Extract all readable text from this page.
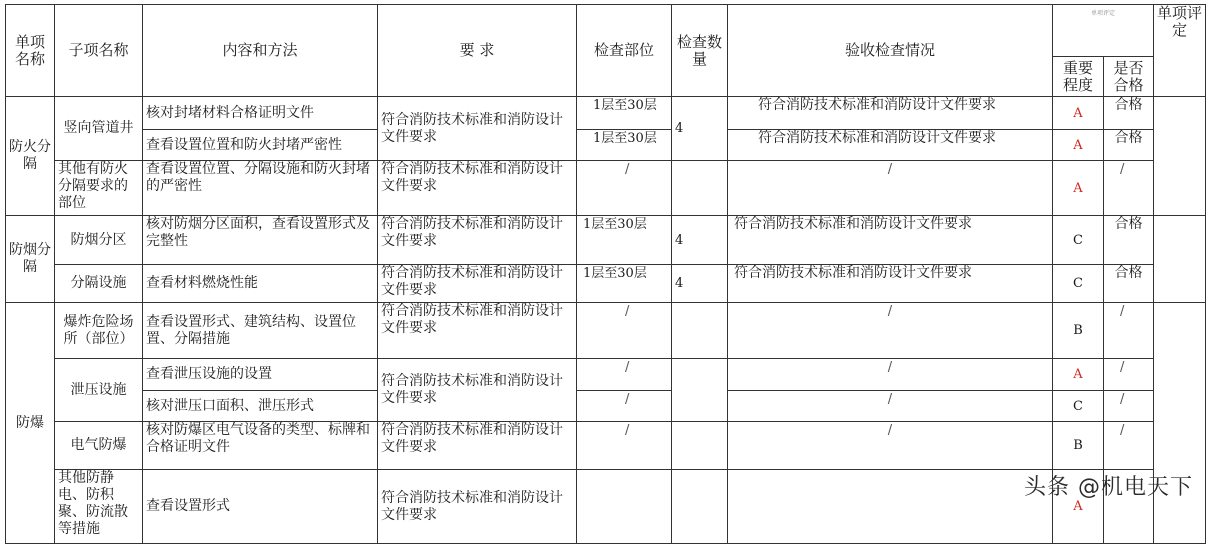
单项名称	子项名称	内容和方法	要 求	检查部位	检查数量	验收检查情况	单项评定		单项评定
							重要程度	是否合格	
防火分隔	竖向管道井	核对封堵材料合格证明文件	符合消防技术标准和消防设计文件要求	1层至30层	4	符合消防技术标准和消防设计文件要求	A	合格	
		查看设置位置和防火封堵严密性		1层至30层		符合消防技术标准和消防设计文件要求	A	合格	
	其他有防火分隔要求的部位	查看设置位置、分隔设施和防火封堵的严密性	符合消防技术标准和消防设计文件要求	/		/	A	/	
防烟分隔	防烟分区	核对防烟分区面积，查看设置形式及完整性	符合消防技术标准和消防设计文件要求	1层至30层	4	符合消防技术标准和消防设计文件要求	C	合格	
	分隔设施	查看材料燃烧性能	符合消防技术标准和消防设计文件要求	1层至30层	4	符合消防技术标准和消防设计文件要求	C	合格	
防爆	爆炸危险场所（部位）	查看设置形式、建筑结构、设置位置、分隔措施	符合消防技术标准和消防设计文件要求	/		/	B	/	
	泄压设施	查看泄压设施的设置	符合消防技术标准和消防设计文件要求	/		/	A	/	
		核对泄压口面积、泄压形式		/		/	C	/	
	电气防爆	核对防爆区电气设备的类型、标牌和合格证明文件	符合消防技术标准和消防设计文件要求	/		/	B	/	
	其他防静电、防积聚、防流散等措施	查看设置形式	符合消防技术标准和消防设计文件要求				A		
头条 @机电天下
